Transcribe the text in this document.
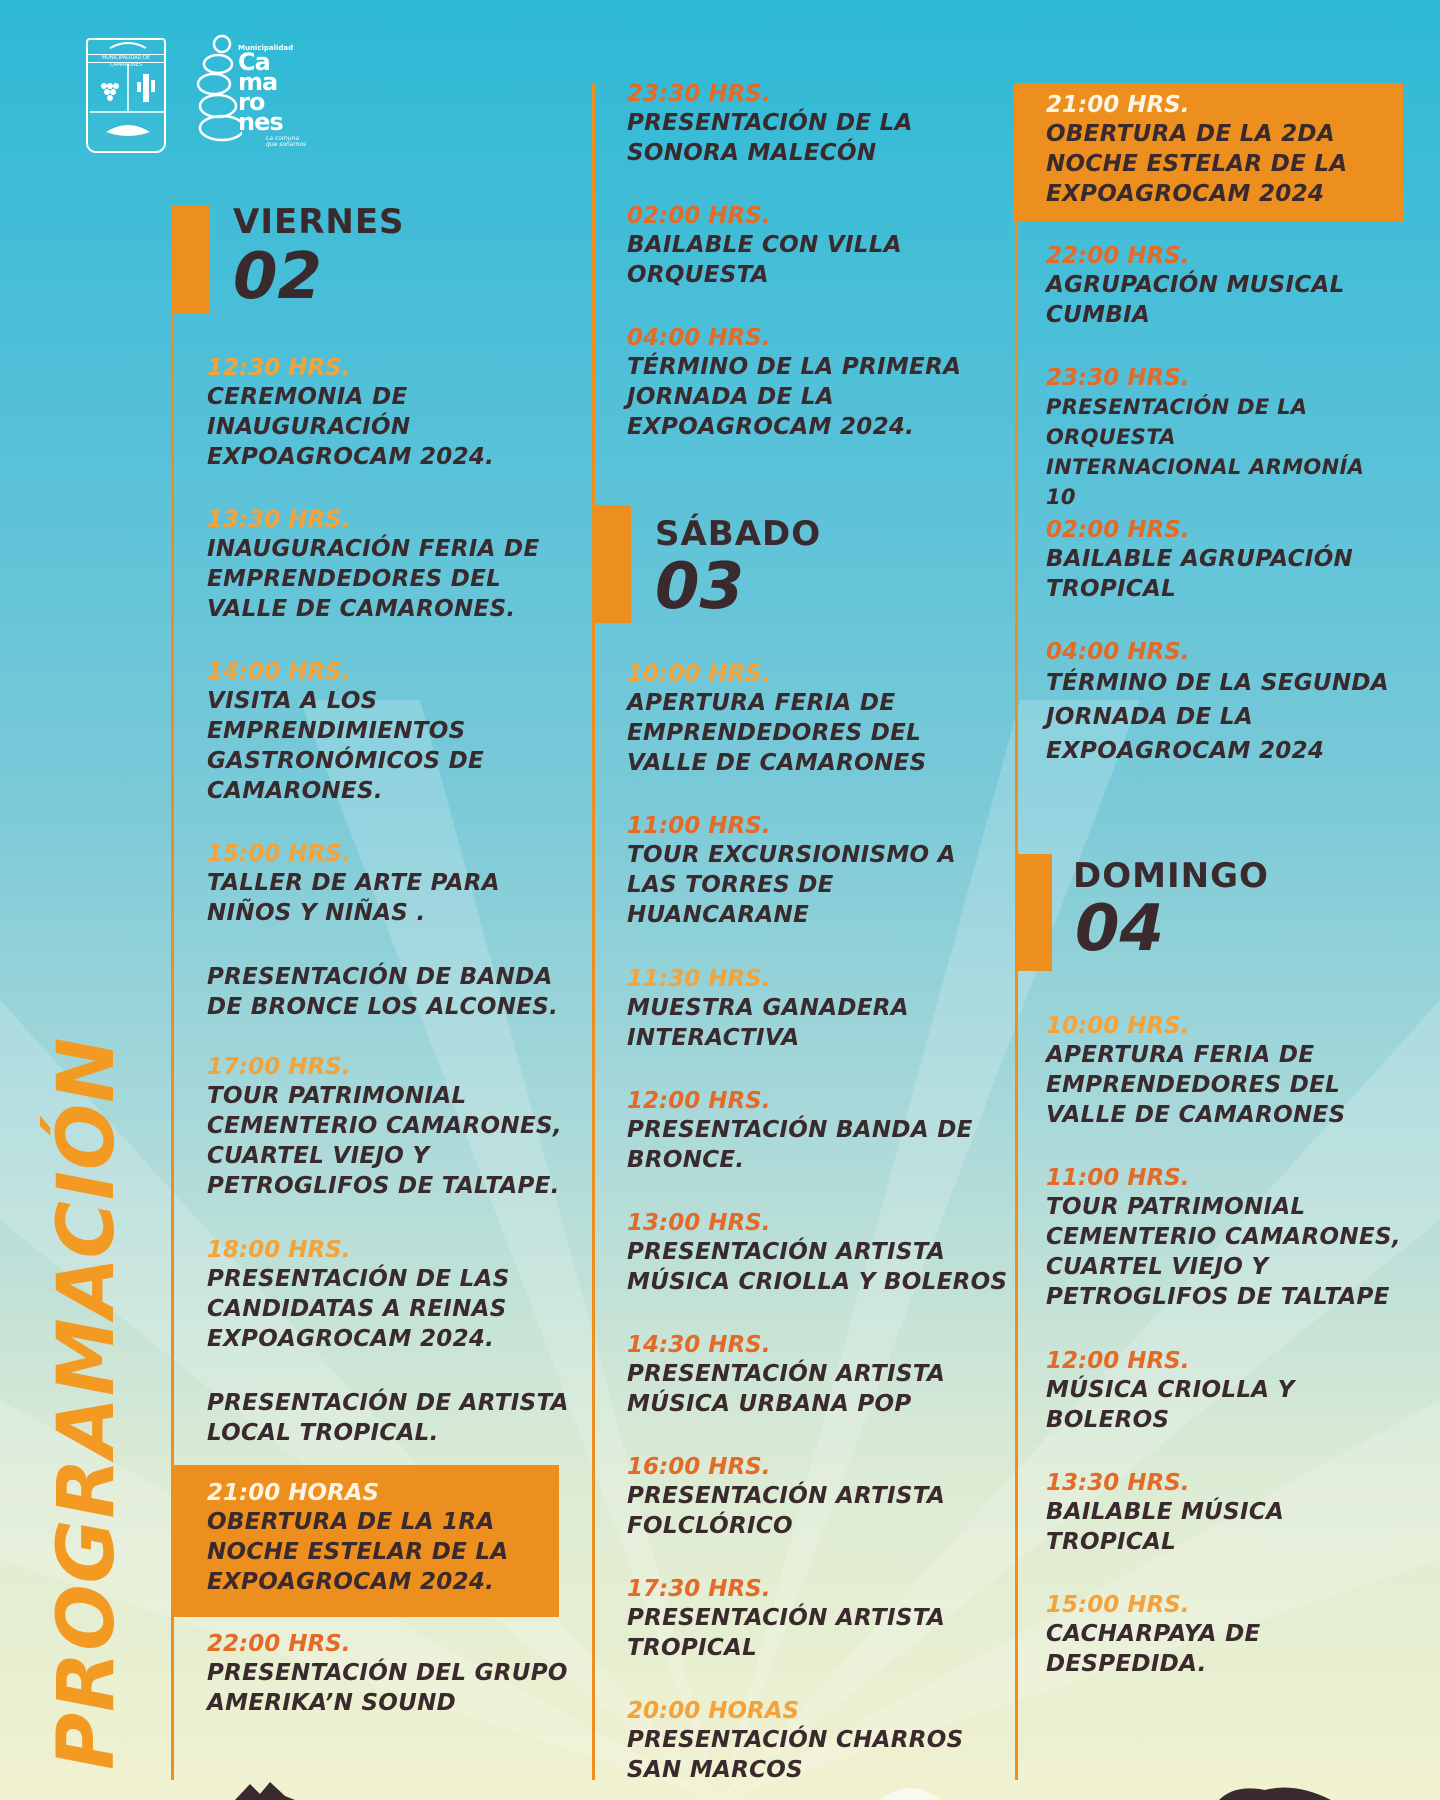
MUNICIPALIDAD DE CAMARONES
Municipalidad
Ca
ma
ro
nes
La comuna que soñamos
PROGRAMACIÓN
VIERNES
02
12:30 HRS.
CEREMONIA DE INAUGURACIÓN EXPOAGROCAM 2024.
13:30 HRS.
INAUGURACIÓN FERIA DE EMPRENDEDORES DEL VALLE DE CAMARONES.
14:00 HRS.
VISITA A LOS EMPRENDIMIENTOS GASTRONÓMICOS DE CAMARONES.
15:00 HRS.
TALLER DE ARTE PARA NIÑOS Y NIÑAS .
PRESENTACIÓN DE BANDA DE BRONCE LOS ALCONES.
17:00 HRS.
TOUR PATRIMONIAL CEMENTERIO CAMARONES, CUARTEL VIEJO Y PETROGLIFOS DE TALTAPE.
18:00 HRS.
PRESENTACIÓN DE LAS CANDIDATAS A REINAS EXPOAGROCAM 2024.
PRESENTACIÓN DE ARTISTA LOCAL TROPICAL.
21:00 HORAS
OBERTURA DE LA 1RA NOCHE ESTELAR DE LA EXPOAGROCAM 2024.
22:00 HRS.
PRESENTACIÓN DEL GRUPO AMERIKA’N SOUND
23:30 HRS.
PRESENTACIÓN DE LA SONORA MALECÓN
02:00 HRS.
BAILABLE CON VILLA ORQUESTA
04:00 HRS.
TÉRMINO DE LA PRIMERA JORNADA DE LA EXPOAGROCAM 2024.
SÁBADO
03
10:00 HRS.
APERTURA FERIA DE EMPRENDEDORES DEL VALLE DE CAMARONES
11:00 HRS.
TOUR EXCURSIONISMO A LAS TORRES DE HUANCARANE
11:30 HRS.
MUESTRA GANADERA INTERACTIVA
12:00 HRS.
PRESENTACIÓN BANDA DE BRONCE.
13:00 HRS.
PRESENTACIÓN ARTISTA MÚSICA CRIOLLA Y BOLEROS
14:30 HRS.
PRESENTACIÓN ARTISTA MÚSICA URBANA POP
16:00 HRS.
PRESENTACIÓN ARTISTA FOLCLÓRICO
17:30 HRS.
PRESENTACIÓN ARTISTA TROPICAL
20:00 HORAS
PRESENTACIÓN CHARROS SAN MARCOS
21:00 HRS.
OBERTURA DE LA 2DA NOCHE ESTELAR DE LA EXPOAGROCAM 2024
22:00 HRS.
AGRUPACIÓN MUSICAL CUMBIA
23:30 HRS.
PRESENTACIÓN DE LA ORQUESTA INTERNACIONAL ARMONÍA 10
02:00 HRS.
BAILABLE AGRUPACIÓN TROPICAL
04:00 HRS.
TÉRMINO DE LA SEGUNDA JORNADA DE LA EXPOAGROCAM 2024
DOMINGO
04
10:00 HRS.
APERTURA FERIA DE EMPRENDEDORES DEL VALLE DE CAMARONES
11:00 HRS.
TOUR PATRIMONIAL CEMENTERIO CAMARONES, CUARTEL VIEJO Y PETROGLIFOS DE TALTAPE
12:00 HRS.
MÚSICA CRIOLLA Y BOLEROS
13:30 HRS.
BAILABLE MÚSICA TROPICAL
15:00 HRS.
CACHARPAYA DE DESPEDIDA.
